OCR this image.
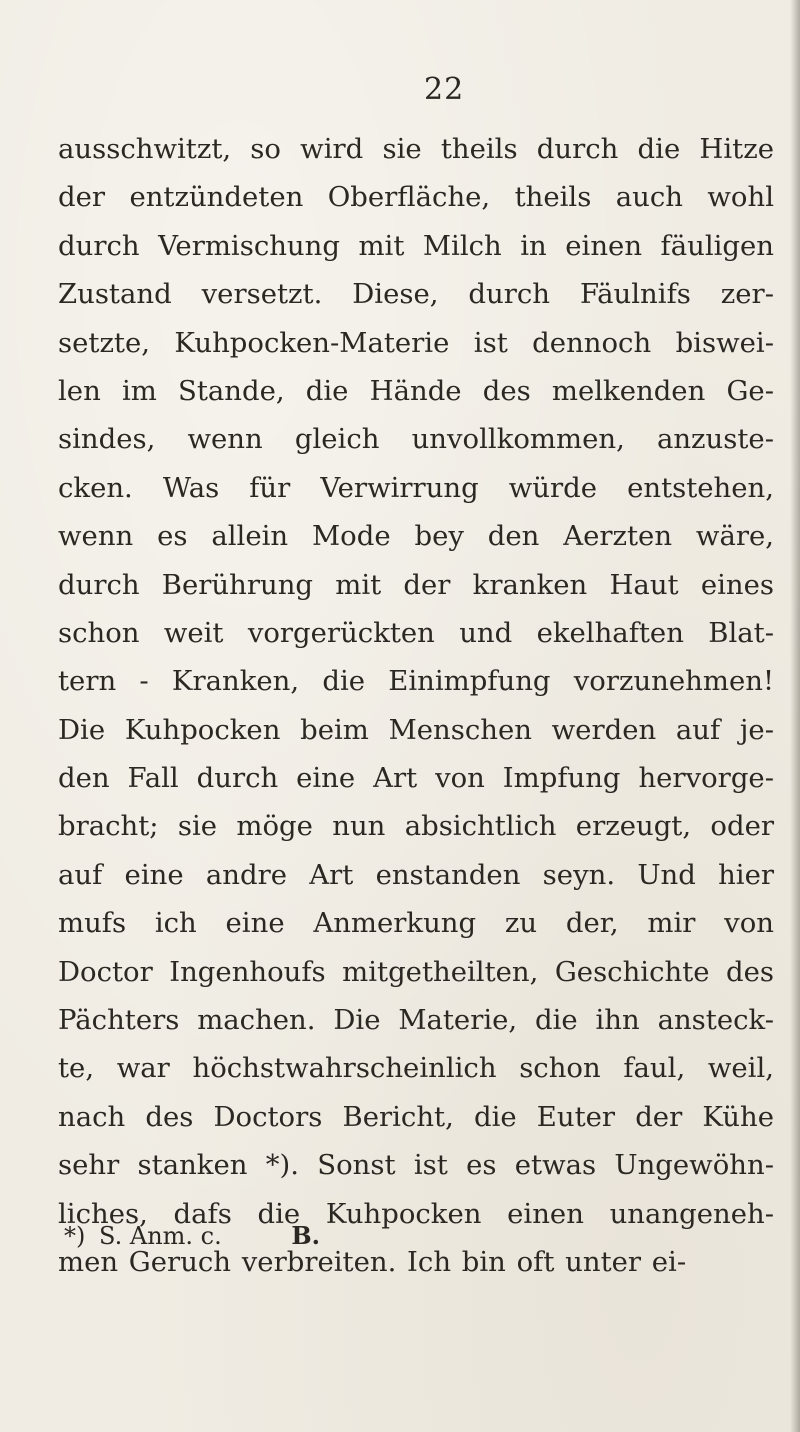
22
ausschwitzt, so wird sie theils durch die Hitze
der entzündeten Oberfläche, theils auch wohl
durch Vermischung mit Milch in einen fäuligen
Zustand versetzt. Diese, durch Fäulnifs zer-
setzte, Kuhpocken-Materie ist dennoch biswei-
len im Stande, die Hände des melkenden Ge-
sindes, wenn gleich unvollkommen, anzuste-
cken. Was für Verwirrung würde entstehen,
wenn es allein Mode bey den Aerzten wäre,
durch Berührung mit der kranken Haut eines
schon weit vorgerückten und ekelhaften Blat-
tern - Kranken, die Einimpfung vorzunehmen!
Die Kuhpocken beim Menschen werden auf je-
den Fall durch eine Art von Impfung hervorge-
bracht; sie möge nun absichtlich erzeugt, oder
auf eine andre Art enstanden seyn. Und hier
mufs ich eine Anmerkung zu der, mir von
Doctor Ingenhoufs mitgetheilten, Geschichte des
Pächters machen. Die Materie, die ihn ansteck-
te, war höchstwahrscheinlich schon faul, weil,
nach des Doctors Bericht, die Euter der Kühe
sehr stanken *). Sonst ist es etwas Ungewöhn-
liches, dafs die Kuhpocken einen unangeneh-
men Geruch verbreiten. Ich bin oft unter ei-
*) S. Anm. c.	B.
